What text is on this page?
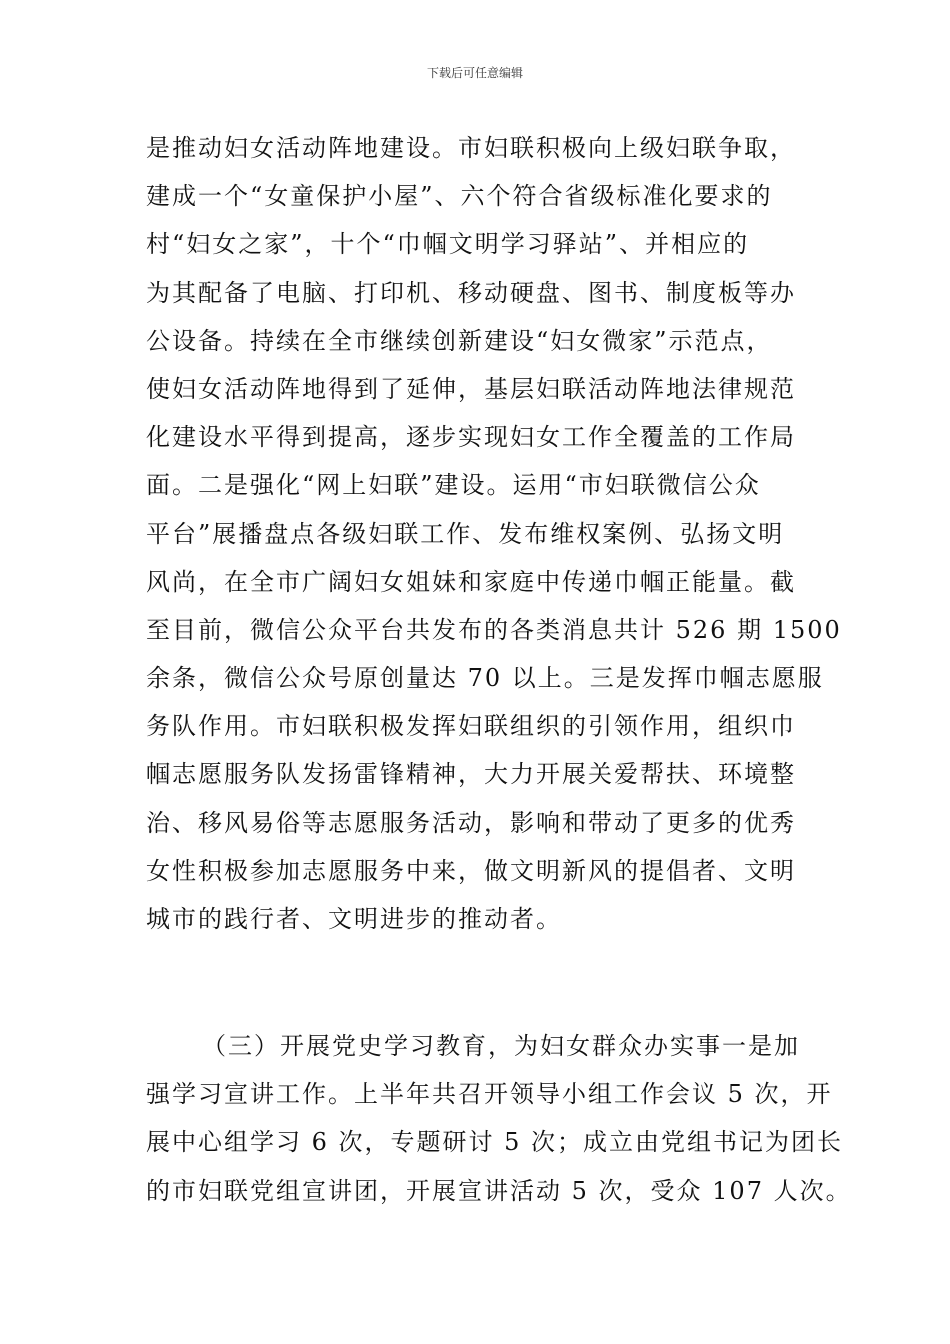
下载后可任意编辑
是推动妇女活动阵地建设。市妇联积极向上级妇联争取，
建成一个“女童保护小屋”、六个符合省级标准化要求的
村“妇女之家”，十个“巾帼文明学习驿站”、并相应的
为其配备了电脑、打印机、移动硬盘、图书、制度板等办
公设备。持续在全市继续创新建设“妇女微家”示范点，
使妇女活动阵地得到了延伸，基层妇联活动阵地法律规范
化建设水平得到提高，逐步实现妇女工作全覆盖的工作局
面。二是强化“网上妇联”建设。运用“市妇联微信公众
平台”展播盘点各级妇联工作、发布维权案例、弘扬文明
风尚，在全市广阔妇女姐妹和家庭中传递巾帼正能量。截
至目前，微信公众平台共发布的各类消息共计 526 期 1500
余条，微信公众号原创量达 70 以上。三是发挥巾帼志愿服
务队作用。市妇联积极发挥妇联组织的引领作用，组织巾
帼志愿服务队发扬雷锋精神，大力开展关爱帮扶、环境整
治、移风易俗等志愿服务活动，影响和带动了更多的优秀
女性积极参加志愿服务中来，做文明新风的提倡者、文明
城市的践行者、文明进步的推动者。
（三）开展党史学习教育，为妇女群众办实事一是加
强学习宣讲工作。上半年共召开领导小组工作会议 5 次，开
展中心组学习 6 次，专题研讨 5 次；成立由党组书记为团长
的市妇联党组宣讲团，开展宣讲活动 5 次，受众 107 人次。
